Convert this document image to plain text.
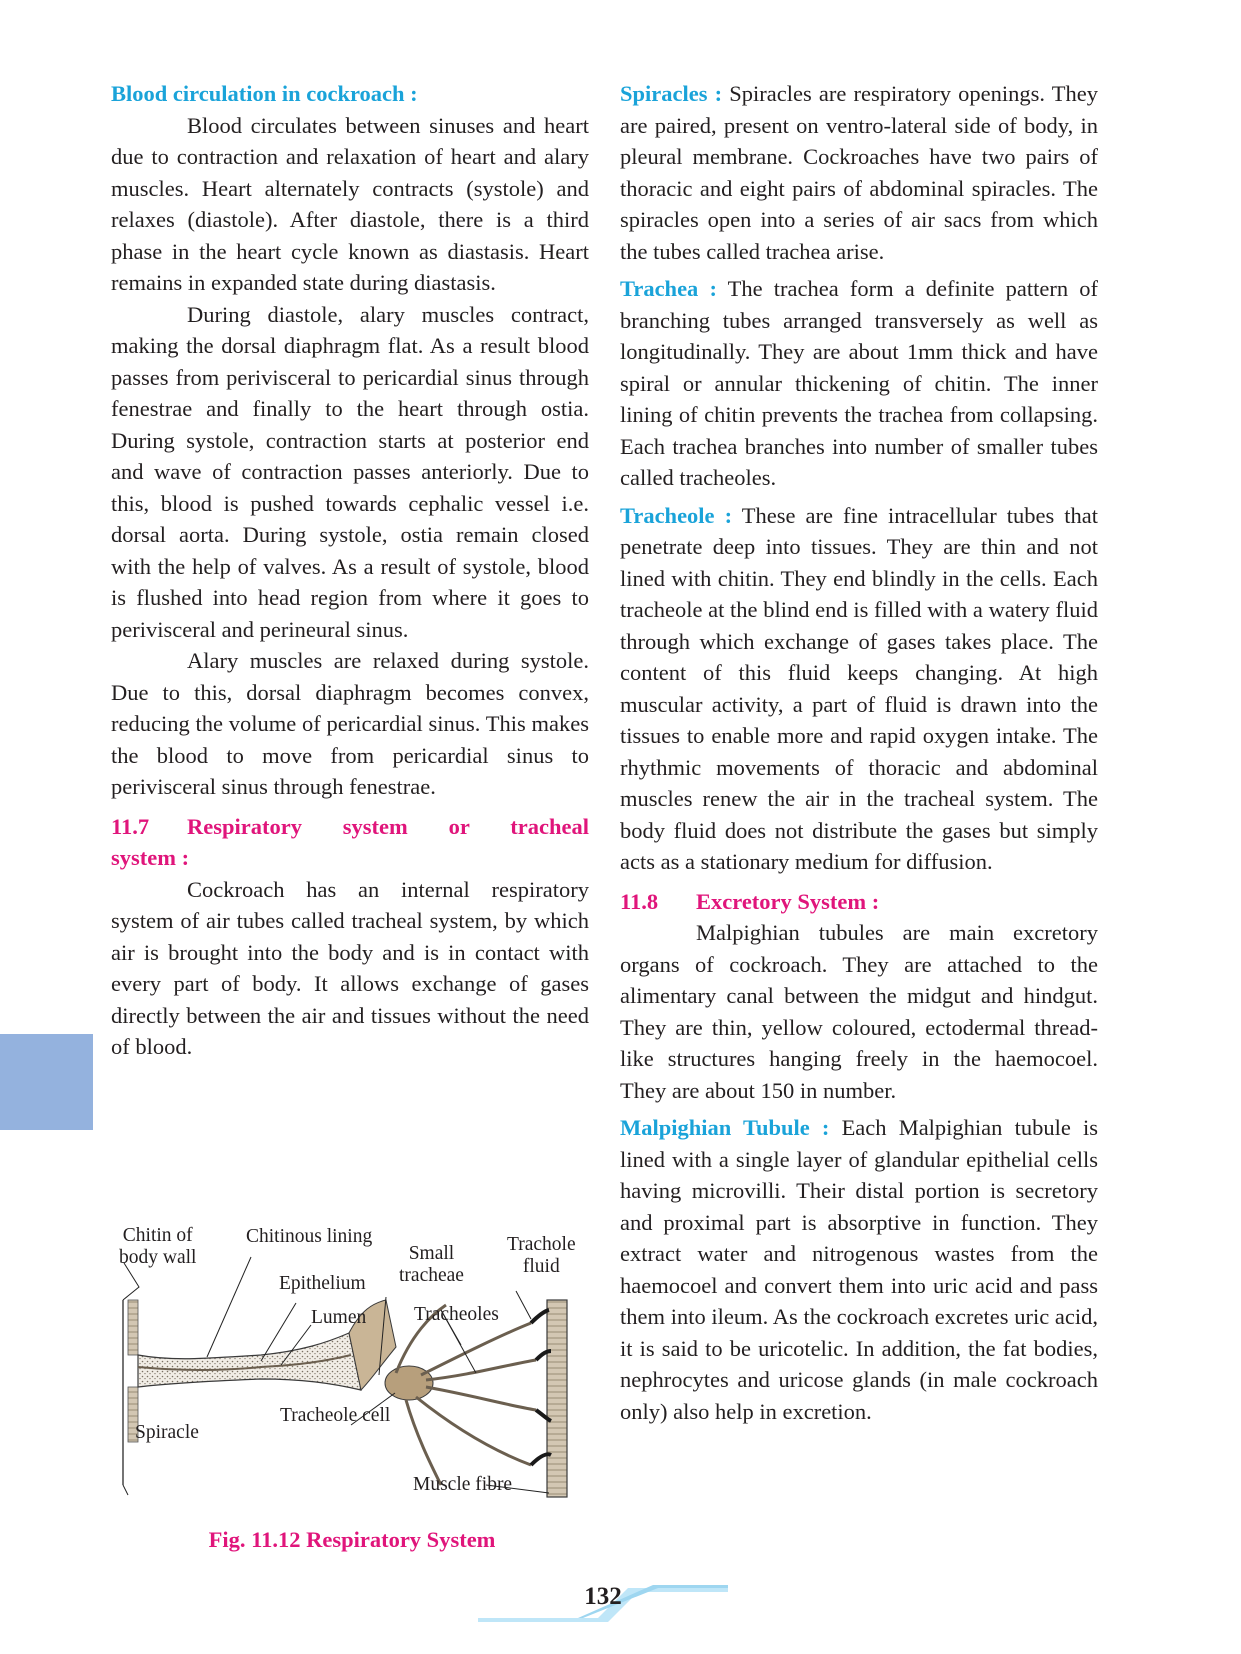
Blood circulation in cockroach :

Blood circulates between sinuses and heart due to contraction and relaxation of heart and alary muscles. Heart alternately contracts (systole) and relaxes (diastole). After diastole, there is a third phase in the heart cycle known as diastasis. Heart remains in expanded state during diastasis.

During diastole, alary muscles contract, making the dorsal diaphragm flat. As a result blood passes from perivisceral to pericardial sinus through fenestrae and finally to the heart through ostia. During systole, contraction starts at posterior end and wave of contraction passes anteriorly. Due to this, blood is pushed towards cephalic vessel i.e. dorsal aorta. During systole, ostia remain closed with the help of valves. As a result of systole, blood is flushed into head region from where it goes to perivisceral and perineural sinus.

Alary muscles are relaxed during systole. Due to this, dorsal diaphragm becomes convex, reducing the volume of pericardial sinus. This makes the blood to move from pericardial sinus to perivisceral sinus through fenestrae.

11.7 Respiratory system or tracheal

system :

Cockroach has an internal respiratory system of air tubes called tracheal system, by which air is brought into the body and is in contact with every part of body. It allows exchange of gases directly between the air and tissues without the need of blood.

Chitin of
body wall
Chitinous lining
Epithelium
Small
tracheae
Trachole
fluid
Lumen Tracheoles
Spiracle
Tracheole cell
Muscle fibre
Fig. 11.12 Respiratory System

Spiracles : Spiracles are respiratory openings. They are paired, present on ventro-lateral side of body, in pleural membrane. Cockroaches have two pairs of thoracic and eight pairs of abdominal spiracles. The spiracles open into a series of air sacs from which the tubes called trachea arise.

Trachea : The trachea form a definite pattern of branching tubes arranged transversely as well as longitudinally. They are about 1mm thick and have spiral or annular thickening of chitin. The inner lining of chitin prevents the trachea from collapsing. Each trachea branches into number of smaller tubes called tracheoles.

Tracheole : These are fine intracellular tubes that penetrate deep into tissues. They are thin and not lined with chitin. They end blindly in the cells. Each tracheole at the blind end is filled with a watery fluid through which exchange of gases takes place. The content of this fluid keeps changing. At high muscular activity, a part of fluid is drawn into the tissues to enable more and rapid oxygen intake. The rhythmic movements of thoracic and abdominal muscles renew the air in the tracheal system. The body fluid does not distribute the gases but simply acts as a stationary medium for diffusion.

11.8 Excretory System :

Malpighian tubules are main excretory organs of cockroach. They are attached to the alimentary canal between the midgut and hindgut. They are thin, yellow coloured, ectodermal thread-like structures hanging freely in the haemocoel. They are about 150 in number.

Malpighian Tubule : Each Malpighian tubule is lined with a single layer of glandular epithelial cells having microvilli. Their distal portion is secretory and proximal part is absorptive in function. They extract water and nitrogenous wastes from the haemocoel and convert them into uric acid and pass them into ileum. As the cockroach excretes uric acid, it is said to be uricotelic. In addition, the fat bodies, nephrocytes and uricose glands (in male cockroach only) also help in excretion.

132
